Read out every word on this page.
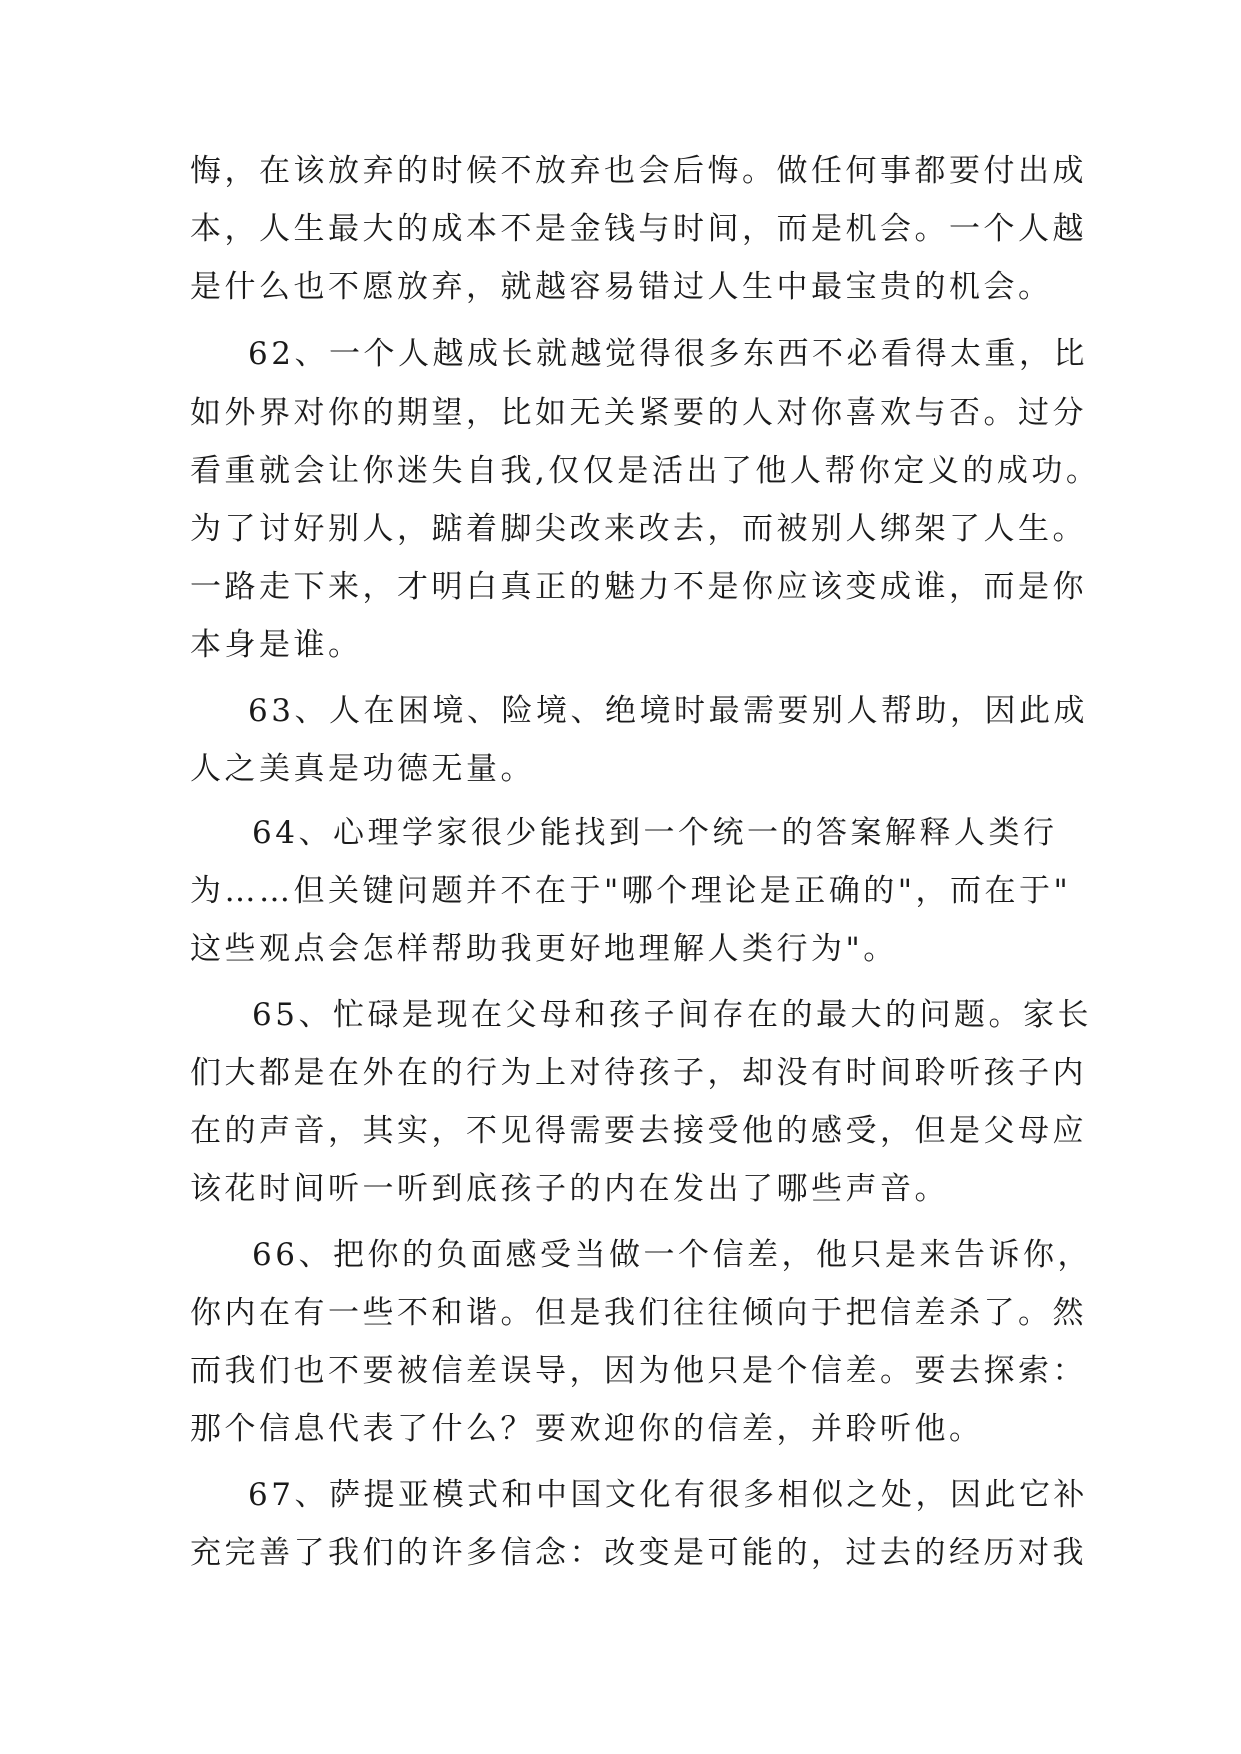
悔，在该放弃的时候不放弃也会后悔。做任何事都要付出成
本，人生最大的成本不是金钱与时间，而是机会。一个人越
是什么也不愿放弃，就越容易错过人生中最宝贵的机会。
62、一个人越成长就越觉得很多东西不必看得太重，比
如外界对你的期望，比如无关紧要的人对你喜欢与否。过分
看重就会让你迷失自我,仅仅是活出了他人帮你定义的成功。
为了讨好别人，踮着脚尖改来改去，而被别人绑架了人生。
一路走下来，才明白真正的魅力不是你应该变成谁，而是你
本身是谁。
63、人在困境、险境、绝境时最需要别人帮助，因此成
人之美真是功德无量。
64、心理学家很少能找到一个统一的答案解释人类行
为……但关键问题并不在于"哪个理论是正确的"，而在于"
这些观点会怎样帮助我更好地理解人类行为"。
65、忙碌是现在父母和孩子间存在的最大的问题。家长
们大都是在外在的行为上对待孩子，却没有时间聆听孩子内
在的声音，其实，不见得需要去接受他的感受，但是父母应
该花时间听一听到底孩子的内在发出了哪些声音。
66、把你的负面感受当做一个信差，他只是来告诉你，
你内在有一些不和谐。但是我们往往倾向于把信差杀了。然
而我们也不要被信差误导，因为他只是个信差。要去探索：
那个信息代表了什么？要欢迎你的信差，并聆听他。
67、萨提亚模式和中国文化有很多相似之处，因此它补
充完善了我们的许多信念：改变是可能的，过去的经历对我
